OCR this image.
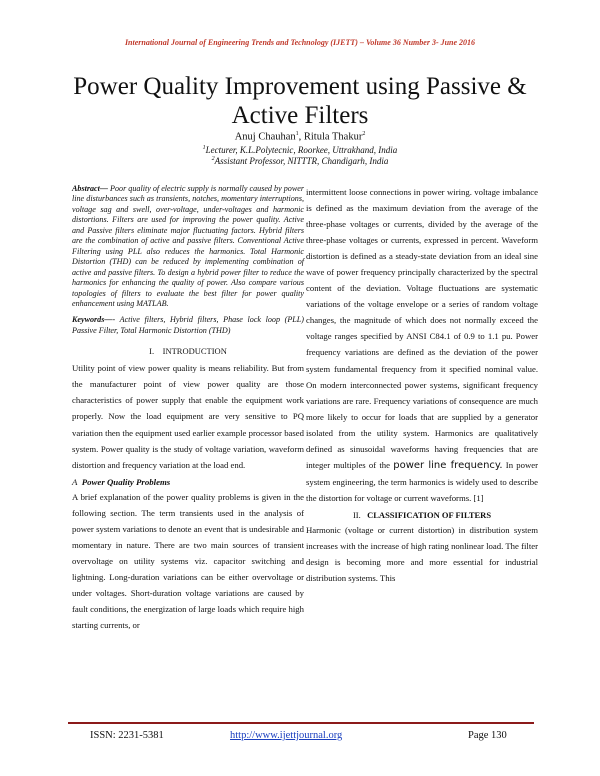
International Journal of Engineering Trends and Technology (IJETT) – Volume 36 Number 3- June 2016
Power Quality Improvement using Passive &
Active Filters
Anuj Chauhan$^1$, Ritula Thakur$^2$
$^1$Lecturer, K.L.Polytecnic, Roorkee, Uttrakhand, India
$^2$Assistant Professor, NITTTR, Chandigarh, India

Abstract— Poor quality of electric supply is normally caused by power line disturbances such as transients, notches, momentary interruptions, voltage sag and swell, over-voltage, under-voltages and harmonic distortions. Filters are used for improving the power quality. Active and Passive filters eliminate major fluctuating factors. Hybrid filters are the combination of active and passive filters. Conventional Active Filtering using PLL also reduces the harmonics. Total Harmonic Distortion (THD) can be reduced by implementing combination of active and passive filters. To design a hybrid power filter to reduce the harmonics for enhancing the quality of power. Also compare various topologies of filters to evaluate the best filter for power quality enhancement using MATLAB.

Keywords—- Active filters, Hybrid filters, Phase lock loop (PLL) Passive Filter, Total Harmonic Distortion (THD)

I. INTRODUCTION

Utility point of view power quality is means reliability. But from the manufacturer point of view power quality are those characteristics of power supply that enable the equipment work properly. Now the load equipment are very sensitive to PQ variation then the equipment used earlier example processor based system. Power quality is the study of voltage variation, waveform distortion and frequency variation at the load end.

A Power Quality Problems

A brief explanation of the power quality problems is given in the following section. The term transients used in the analysis of power system variations to denote an event that is undesirable and momentary in nature. There are two main sources of transient overvoltage on utility systems viz. capacitor switching and lightning. Long-duration variations can be either overvoltage or under voltages. Short-duration voltage variations are caused by fault conditions, the energization of large loads which require high starting currents, or

intermittent loose connections in power wiring. voltage imbalance is defined as the maximum deviation from the average of the three-phase voltages or currents, divided by the average of the three-phase voltages or currents, expressed in percent. Waveform distortion is defined as a steady-state deviation from an ideal sine wave of power frequency principally characterized by the spectral content of the deviation. Voltage fluctuations are systematic variations of the voltage envelope or a series of random voltage changes, the magnitude of which does not normally exceed the voltage ranges specified by ANSI C84.1 of 0.9 to 1.1 pu. Power frequency variations are defined as the deviation of the power system fundamental frequency from it specified nominal value. On modern interconnected power systems, significant frequency variations are rare. Frequency variations of consequence are much more likely to occur for loads that are supplied by a generator isolated from the utility system. Harmonics are qualitatively defined as sinusoidal waveforms having frequencies that are integer multiples of the power line frequency. In power system engineering, the term harmonics is widely used to describe the distortion for voltage or current waveforms. [1]

II. CLASSIFICATION OF FILTERS

Harmonic (voltage or current distortion) in distribution system increases with the increase of high rating nonlinear load. The filter design is becoming more and more essential for industrial distribution systems. This

ISSN: 2231-5381	http://www.ijettjournal.org	Page 130
